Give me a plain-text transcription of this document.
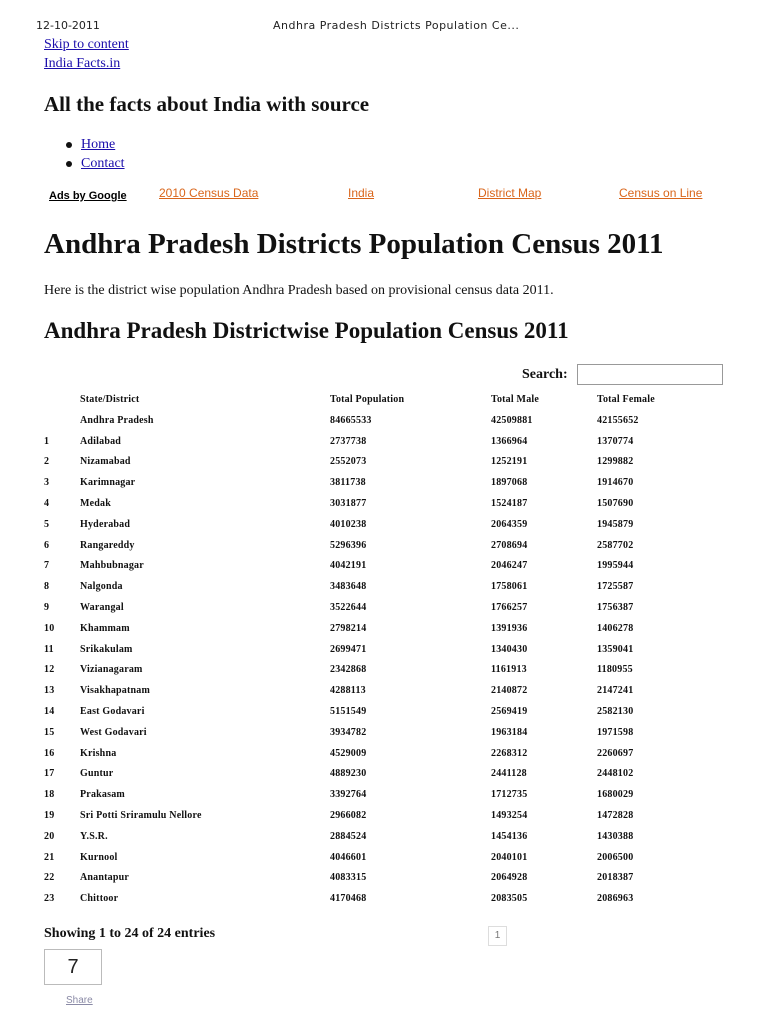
12-10-2011	Andhra Pradesh Districts Population Ce...
Skip to content
India Facts.in
All the facts about India with source
Home
Contact
Ads by Google	2010 Census Data	India	District Map	Census on Line
Andhra Pradesh Districts Population Census 2011

Here is the district wise population Andhra Pradesh based on provisional census data 2011.

Andhra Pradesh Districtwise Population Census 2011
Search:
	State/District	Total Population	Total Male	Total Female
	Andhra Pradesh	84665533	42509881	42155652
1	Adilabad	2737738	1366964	1370774
2	Nizamabad	2552073	1252191	1299882
3	Karimnagar	3811738	1897068	1914670
4	Medak	3031877	1524187	1507690
5	Hyderabad	4010238	2064359	1945879
6	Rangareddy	5296396	2708694	2587702
7	Mahbubnagar	4042191	2046247	1995944
8	Nalgonda	3483648	1758061	1725587
9	Warangal	3522644	1766257	1756387
10	Khammam	2798214	1391936	1406278
11	Srikakulam	2699471	1340430	1359041
12	Vizianagaram	2342868	1161913	1180955
13	Visakhapatnam	4288113	2140872	2147241
14	East Godavari	5151549	2569419	2582130
15	West Godavari	3934782	1963184	1971598
16	Krishna	4529009	2268312	2260697
17	Guntur	4889230	2441128	2448102
18	Prakasam	3392764	1712735	1680029
19	Sri Potti Sriramulu Nellore	2966082	1493254	1472828
20	Y.S.R.	2884524	1454136	1430388
21	Kurnool	4046601	2040101	2006500
22	Anantapur	4083315	2064928	2018387
23	Chittoor	4170468	2083505	2086963

Showing 1 to 24 of 24 entries	1
7
Share
